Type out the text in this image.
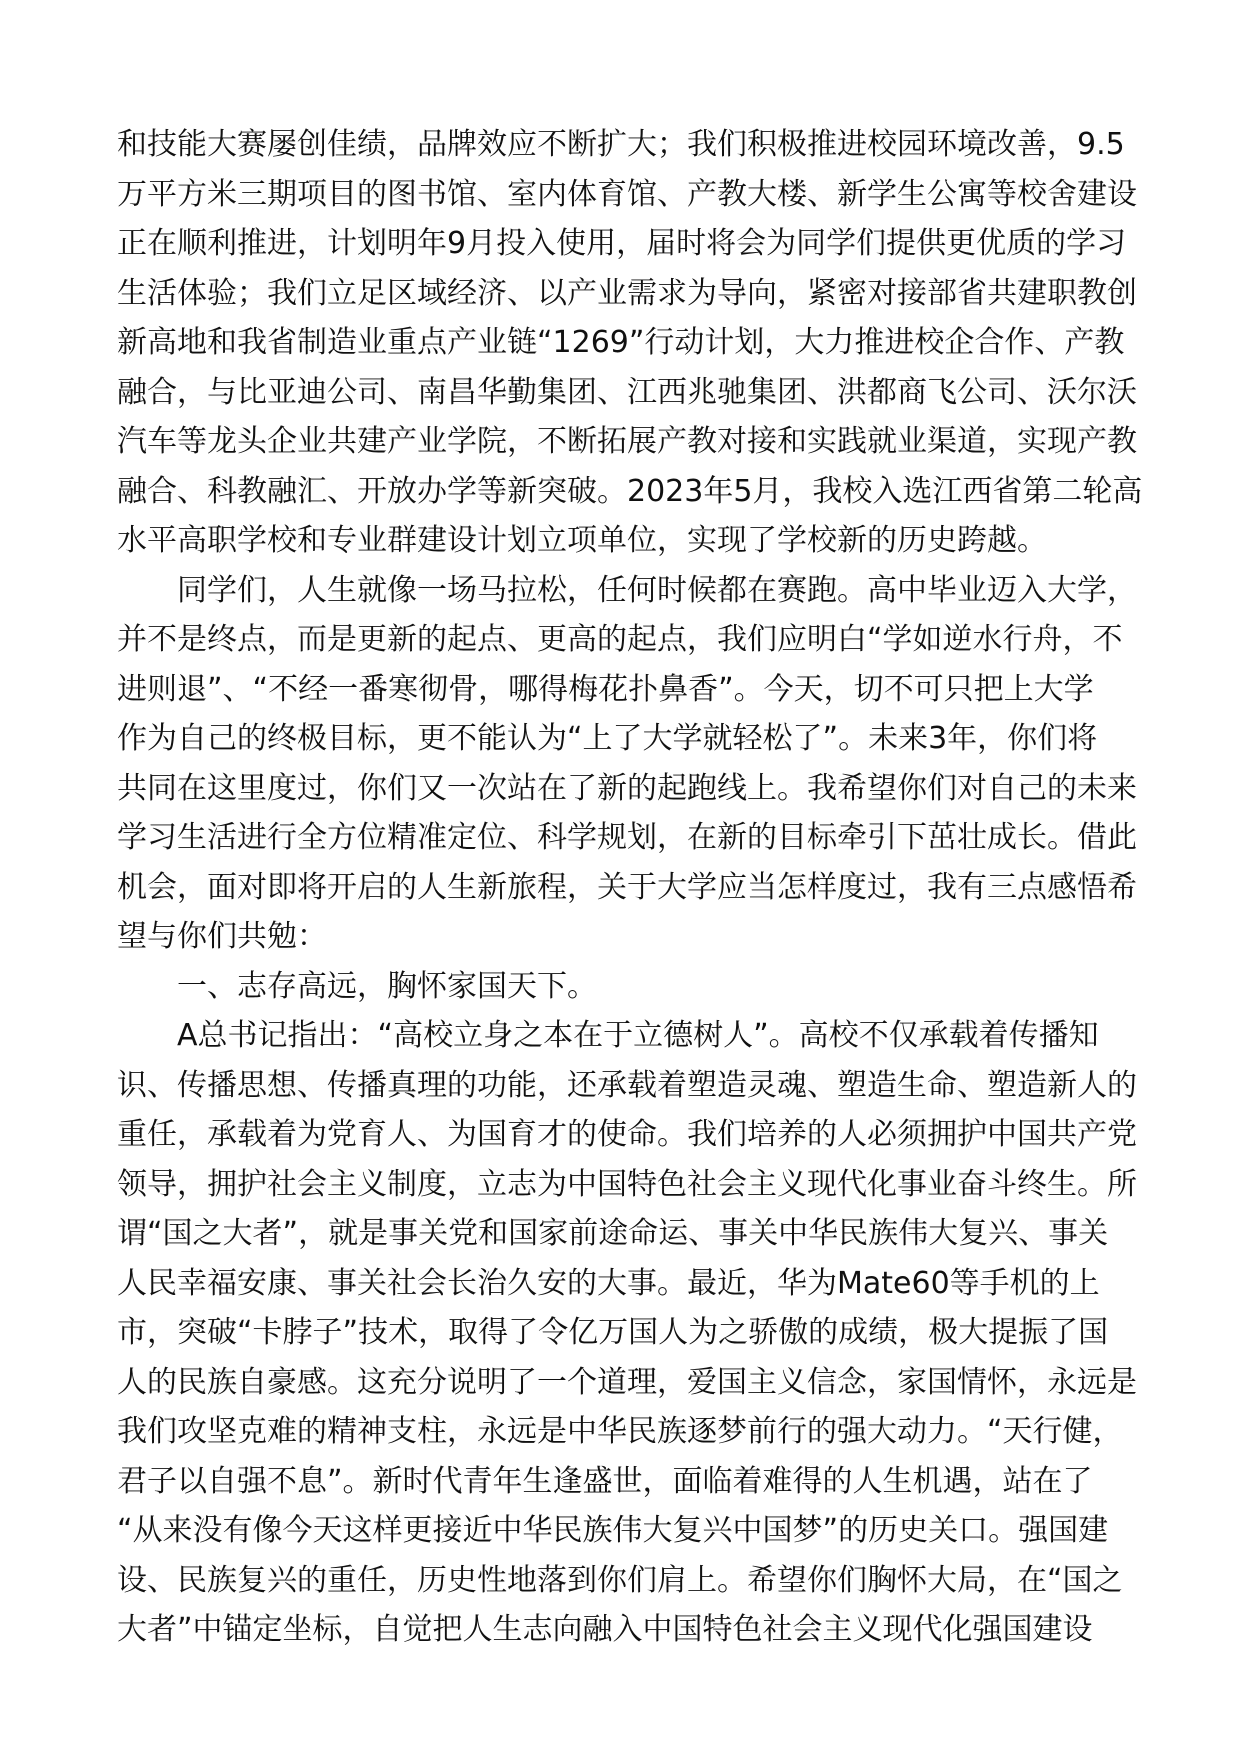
和技能大赛屡创佳绩，品牌效应不断扩大；我们积极推进校园环境改善，9.5
万平方米三期项目的图书馆、室内体育馆、产教大楼、新学生公寓等校舍建设
正在顺利推进，计划明年9月投入使用，届时将会为同学们提供更优质的学习
生活体验；我们立足区域经济、以产业需求为导向，紧密对接部省共建职教创
新高地和我省制造业重点产业链“1269”行动计划，大力推进校企合作、产教
融合，与比亚迪公司、南昌华勤集团、江西兆驰集团、洪都商飞公司、沃尔沃
汽车等龙头企业共建产业学院，不断拓展产教对接和实践就业渠道，实现产教
融合、科教融汇、开放办学等新突破。2023年5月，我校入选江西省第二轮高
水平高职学校和专业群建设计划立项单位，实现了学校新的历史跨越。
同学们，人生就像一场马拉松，任何时候都在赛跑。高中毕业迈入大学，
并不是终点，而是更新的起点、更高的起点，我们应明白“学如逆水行舟，不
进则退”、“不经一番寒彻骨，哪得梅花扑鼻香”。今天，切不可只把上大学
作为自己的终极目标，更不能认为“上了大学就轻松了”。未来3年，你们将
共同在这里度过，你们又一次站在了新的起跑线上。我希望你们对自己的未来
学习生活进行全方位精准定位、科学规划，在新的目标牵引下茁壮成长。借此
机会，面对即将开启的人生新旅程，关于大学应当怎样度过，我有三点感悟希
望与你们共勉：
一、志存高远，胸怀家国天下。
A总书记指出：“高校立身之本在于立德树人”。高校不仅承载着传播知
识、传播思想、传播真理的功能，还承载着塑造灵魂、塑造生命、塑造新人的
重任，承载着为党育人、为国育才的使命。我们培养的人必须拥护中国共产党
领导，拥护社会主义制度，立志为中国特色社会主义现代化事业奋斗终生。所
谓“国之大者”，就是事关党和国家前途命运、事关中华民族伟大复兴、事关
人民幸福安康、事关社会长治久安的大事。最近，华为Mate60等手机的上
市，突破“卡脖子”技术，取得了令亿万国人为之骄傲的成绩，极大提振了国
人的民族自豪感。这充分说明了一个道理，爱国主义信念，家国情怀，永远是
我们攻坚克难的精神支柱，永远是中华民族逐梦前行的强大动力。“天行健，
君子以自强不息”。新时代青年生逢盛世，面临着难得的人生机遇，站在了
“从来没有像今天这样更接近中华民族伟大复兴中国梦”的历史关口。强国建
设、民族复兴的重任，历史性地落到你们肩上。希望你们胸怀大局，在“国之
大者”中锚定坐标，自觉把人生志向融入中国特色社会主义现代化强国建设
